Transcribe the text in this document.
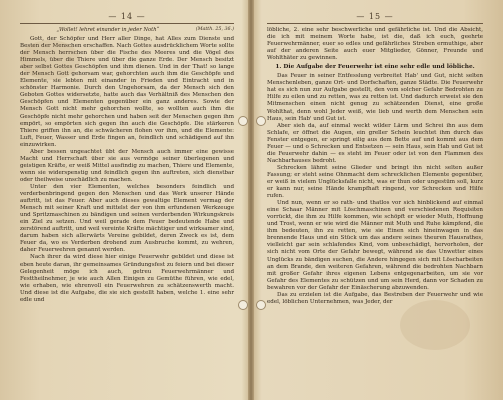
— 14 —
„Wollet! lehret einander in jeder Noth“	(Matth. 25, 36.)

Gott, der Schöpfer und Herr aller Dinge, hat Alles zum Dienste und Besten der Menschen erschaffen. Nach Gottes ausdrücklichem Worte sollte der Mensch herrschen über die Fische des Meeres und die Vögel des Himmels, über die Thiere und über die ganze Erde. Der Mensch besitzt aber selbst Gottes Geschöpfen und ihm dienen. Und in der That! so lange der Mensch Gott gehorsam war, gehorchten auch ihm die Geschöpfe und Elemente, sie lebten mit einander in Frieden und Eintracht und in schönster Harmonie. Durch den Ungehorsam, da der Mensch sich den Geboten Gottes widersetzte, hatte auch das Verhältniß des Menschen den Geschöpfen und Elementen gegenüber ein ganz anderes. Sowie der Mensch Gott nicht mehr gehorchen wollte, so wollten auch ihm die Geschöpfe nicht mehr gehorchen und haben seit der Menschen gegen ihm empört, so empörten sich gegen ihn auch die Geschöpfe. Die stärkeren Thiere griffen ihn an, die schwächeren flohen vor ihm, und die Elemente: Luft, Feuer, Wasser und Erde fingen an, feindlich und schädigend auf ihn einzuwirken.

Aber bessen ungeachtet übt der Mensch auch immer eine gewisse Macht und Herrschaft über sie aus vermöge seiner überlegenen und geistigen Kräfte, er weiß Mittel ausfindig zu machen, Thiere und Elemente, wenn sie widerspenstig und feindlich gegen ihn auftreten, sich dienstbar oder theilweise unschädlich zu machen.

Unter den vier Elementen, welches besonders feindlich und verderbenbringend gegen den Menschen und das Werk unserer Hände auftritt, ist das Feuer. Aber auch dieses gewaltige Element vermag der Mensch mit seiner Kraft und mittelst der von ihm erfundenen Werkzeuge und Spritzmaschinen zu bändigen und seinen verderbenden Wirkungskreis ein Ziel zu setzen. Und weil gerade dem Feuer bedeutende Habe und zerstörend auftritt, und weil vereinte Kräfte mächtiger und wirksamer sind, darum haben sich allerwärts Vereine gebildet, deren Zweck es ist, dem Feuer da, wo es Verderben drohend zum Ausbruche kommt, zu wehren, daher Feuerwehren genannt werden.

Nach ihrer da wird diese hier einige Feuerwehr gebildet und diese ist eben heute daran, ihr gemeinsames Gründungsfest zu feiern und bei dieser Gelegenheit möge ich auch, getreu Feuerwehrmänner und Festtheilnehmer, je wie auch Allen Einigen zu Gemüthe führen, wie edel, wie erhaben, wie ehrenvoll ein Feuerwehren zu schätzenswerth macht. Und diese ist die Aufgabe, die sie sich gestellt haben, welche 1. eine sehr edle und

— 15 —

löbliche, 2. eine sehr beschwerliche und gefährliche ist. Und die Absicht, die ich mit meinem Worte habe, ist die, daß ich euch, geehrte Feuerwehrmänner, euer so edles und gefährliches Streben ermuthige, aber auf der anderen Seite auch euer Mitglieder, Gönner, Freunde und Wohlthäter zu gewinnen.

1. Die Aufgabe der Feuerwehr ist eine sehr edle und löbliche.

Das Feuer in seiner Entfesslung verbreitet Hab' und Gut, nicht selten Menschenleben, ganze Ort- und Dorfschaften, ganze Städte. Die Feuerwehr hat es sich nun zur Aufgabe gestellt, den vom solcher Gefahr Bedrohten zu Hilfe zu eilen und zu retten, was zu retten ist. Und dadurch erweist sie den Mitmenschen einen nicht genug zu schätzenden Dienst, eine große Wohlthat, denn wohl Jeder weiß, wie lieb und werth dem Menschen sein Haus, sein Hab' und Gut ist.

Aber sieh da, auf einmal weckt wilder Lärm und Schrei ihn aus dem Schlafe, er öffnet die Augen, ein greller Schein leuchtet ihm durch das Fenster entgegen, er springt eilig aus dem Bette auf und kommt aus dem Feuer — und o Schrecken und Entsetzen — sein Haus, sein Hab und Gut ist die Feuerwehr dahin — es steht im Feuer oder ist von den Flammen des Nachbarhauses bedroht.

Schrecken lähmt seine Glieder und bringt ihn nicht selten außer Fassung; er steht seine Ohnmacht dem schrecklichen Elemente gegenüber, er weiß in vielem Unglücksfalle nicht, was er thun oder ungestüm soll, kurz er kann nur, seine Hände krampfhaft ringend, vor Schrecken und Hilfe rufen.

Und nun, wenn er so rath- und thatlos vor sich hinblickend auf einmal eine Schaar Männer mit Löschmaschinen und verschiedenen Requisiten vorrückt, die ihm zu Hilfe kommen, wie schöpft er wieder Muth, Hoffnung und Trost, wenn er wie wird die Männer mit Muth und Ruhe kämpfend, die ihm bedeuten, ihn zu retten, wie sie Einen sich hineinwagen in das brennende Haus und ein Stück um das andere seines theuren Hausrathes, vielleicht gar sein schlafendes Kind, vom unbeschädigt, hervorholen, der sich nicht vom Orte der Gefahr bewegt, während sie das Unwetter eines Unglücks zu bändigen suchen, die Andere hingegen sich mit Löscharbeiten an dem Brande, den weiteren Gefahren, während die bedrohten Nachbarn mit großer Gefahr ihres eigenen Lebens entgegenarbeiten, um sie vor Gefahr des Elementes zu schützen und um sein Herd, dann vor Schaden zu bewahren vor der Gefahr der Einäscherung abzuwenden.

Das zu erzielen ist die Aufgabe, das Bestreben der Feuerwehr und wie edel, löblichen Unternehmen, was Jeder, der
